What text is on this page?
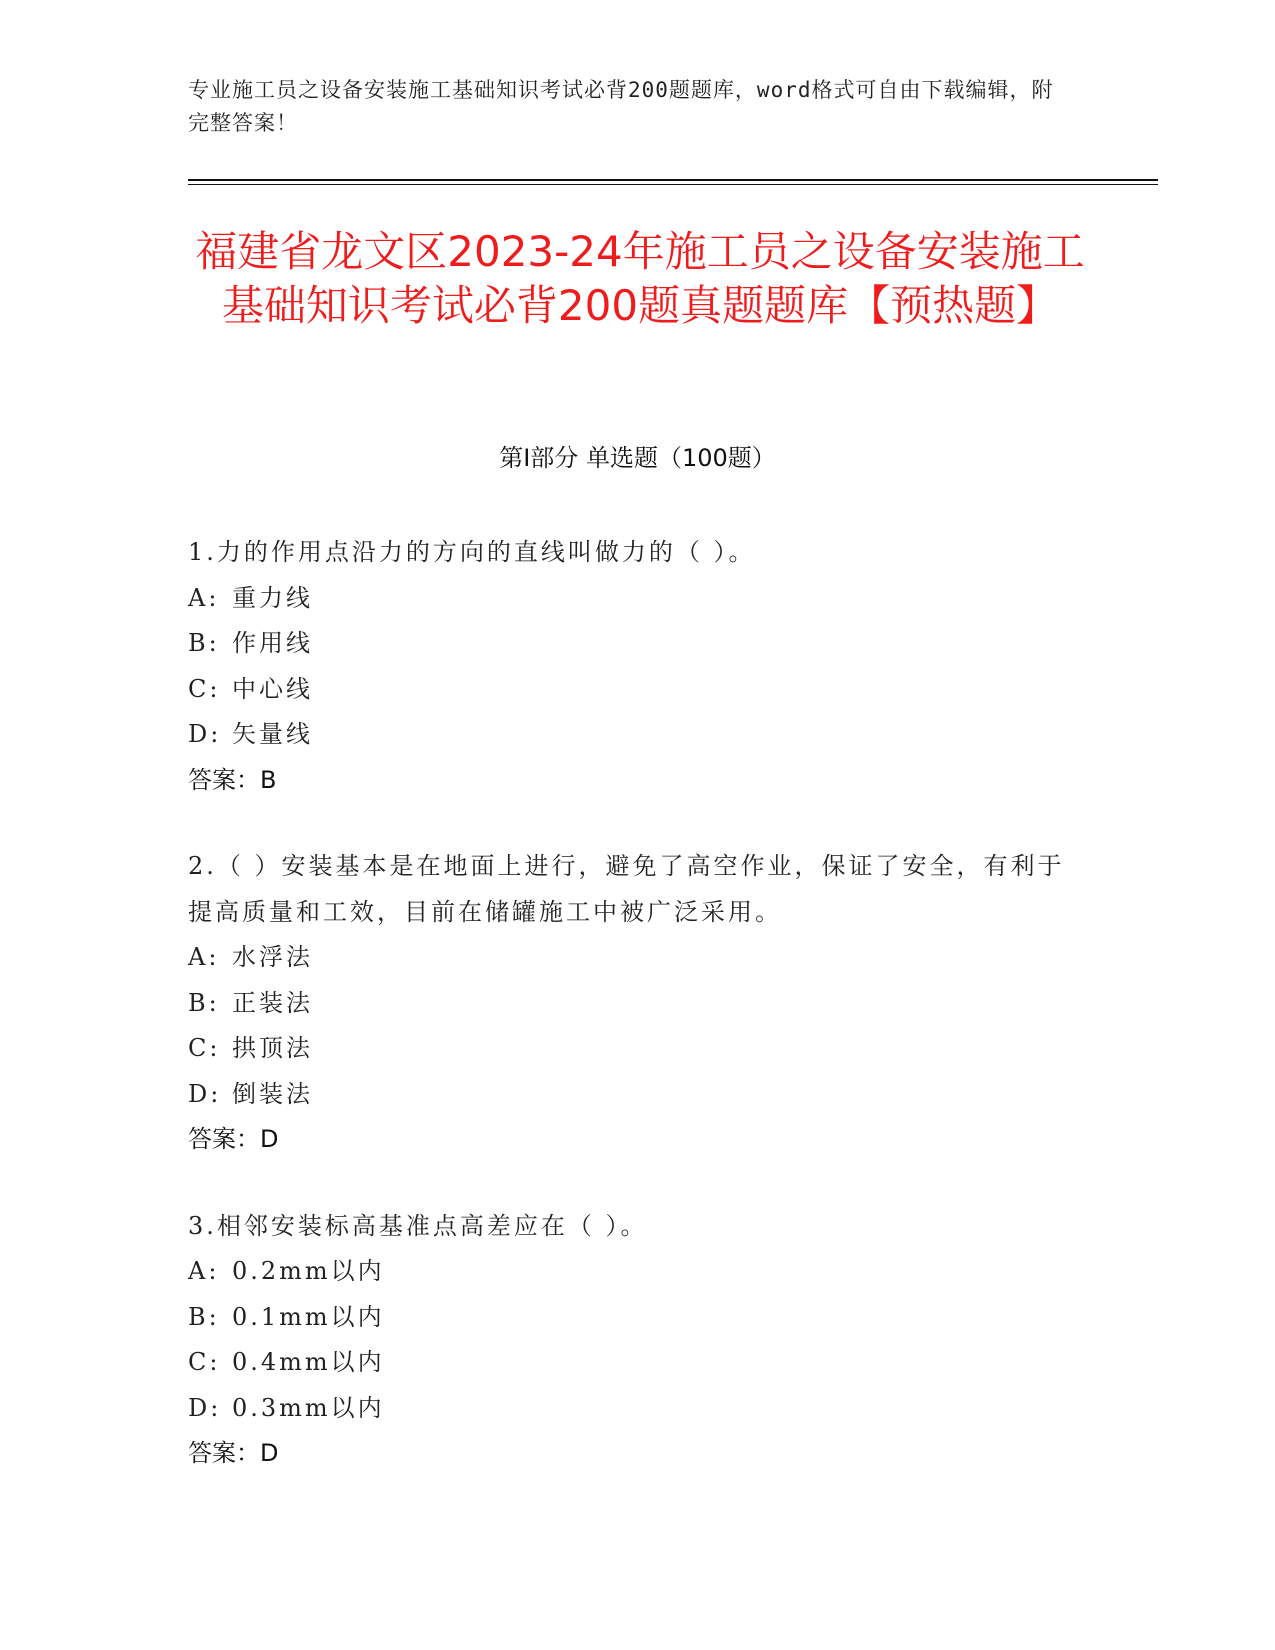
专业施工员之设备安装施工基础知识考试必背200题题库，word格式可自由下载编辑，附完整答案！
福建省龙文区2023-24年施工员之设备安装施工基础知识考试必背200题真题题库【预热题】
第Ⅰ部分 单选题（100题）
1.力的作用点沿力的方向的直线叫做力的（ ）。
A: 重力线
B: 作用线
C: 中心线
D: 矢量线
答案：B
2.（ ）安装基本是在地面上进行，避免了高空作业，保证了安全，有利于提高质量和工效，目前在储罐施工中被广泛采用。
A: 水浮法
B: 正装法
C: 拱顶法
D: 倒装法
答案：D
3.相邻安装标高基准点高差应在（ ）。
A: 0.2mm以内
B: 0.1mm以内
C: 0.4mm以内
D: 0.3mm以内
答案：D
